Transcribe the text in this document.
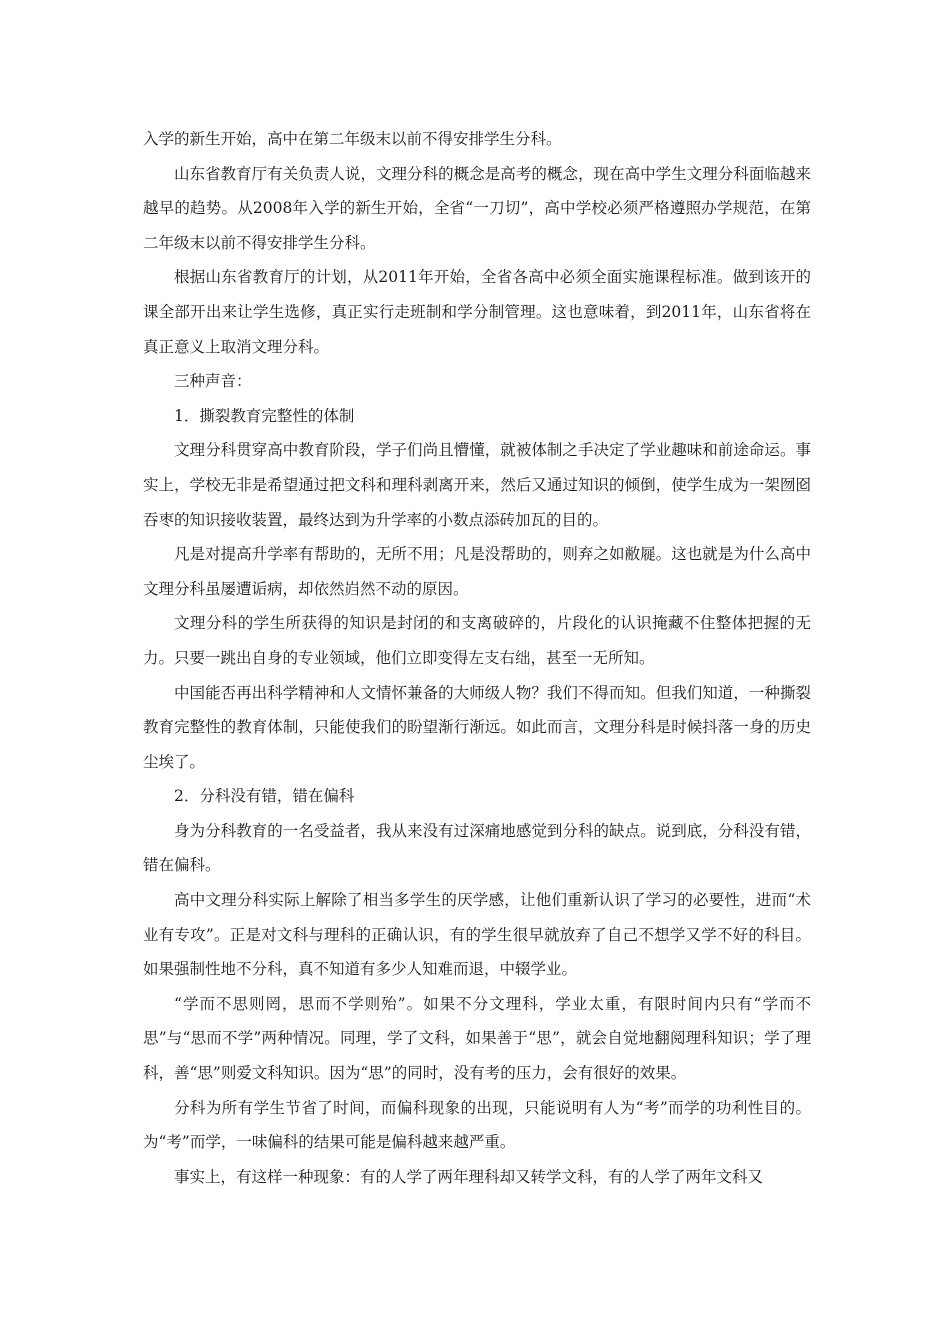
入学的新生开始，高中在第二年级末以前不得安排学生分科。

山东省教育厅有关负责人说，文理分科的概念是高考的概念，现在高中学生文理分科面临越来越早的趋势。从2008年入学的新生开始，全省“一刀切”，高中学校必须严格遵照办学规范，在第二年级末以前不得安排学生分科。

根据山东省教育厅的计划，从2011年开始，全省各高中必须全面实施课程标准。做到该开的课全部开出来让学生选修，真正实行走班制和学分制管理。这也意味着，到2011年，山东省将在真正意义上取消文理分科。

三种声音：

1．撕裂教育完整性的体制

文理分科贯穿高中教育阶段，学子们尚且懵懂，就被体制之手决定了学业趣味和前途命运。事实上，学校无非是希望通过把文科和理科剥离开来，然后又通过知识的倾倒，使学生成为一架囫囵吞枣的知识接收装置，最终达到为升学率的小数点添砖加瓦的目的。

凡是对提高升学率有帮助的，无所不用；凡是没帮助的，则弃之如敝屣。这也就是为什么高中文理分科虽屡遭诟病，却依然岿然不动的原因。

文理分科的学生所获得的知识是封闭的和支离破碎的，片段化的认识掩藏不住整体把握的无力。只要一跳出自身的专业领域，他们立即变得左支右绌，甚至一无所知。

中国能否再出科学精神和人文情怀兼备的大师级人物？我们不得而知。但我们知道，一种撕裂教育完整性的教育体制，只能使我们的盼望渐行渐远。如此而言，文理分科是时候抖落一身的历史尘埃了。

2．分科没有错，错在偏科

身为分科教育的一名受益者，我从来没有过深痛地感觉到分科的缺点。说到底，分科没有错，错在偏科。

高中文理分科实际上解除了相当多学生的厌学感，让他们重新认识了学习的必要性，进而“术业有专攻”。正是对文科与理科的正确认识，有的学生很早就放弃了自己不想学又学不好的科目。如果强制性地不分科，真不知道有多少人知难而退，中辍学业。

“学而不思则罔，思而不学则殆”。如果不分文理科，学业太重，有限时间内只有“学而不思”与“思而不学”两种情况。同理，学了文科，如果善于“思”，就会自觉地翻阅理科知识；学了理科，善“思”则爱文科知识。因为“思”的同时，没有考的压力，会有很好的效果。

分科为所有学生节省了时间，而偏科现象的出现，只能说明有人为“考”而学的功利性目的。为“考”而学，一味偏科的结果可能是偏科越来越严重。

事实上，有这样一种现象：有的人学了两年理科却又转学文科，有的人学了两年文科又
